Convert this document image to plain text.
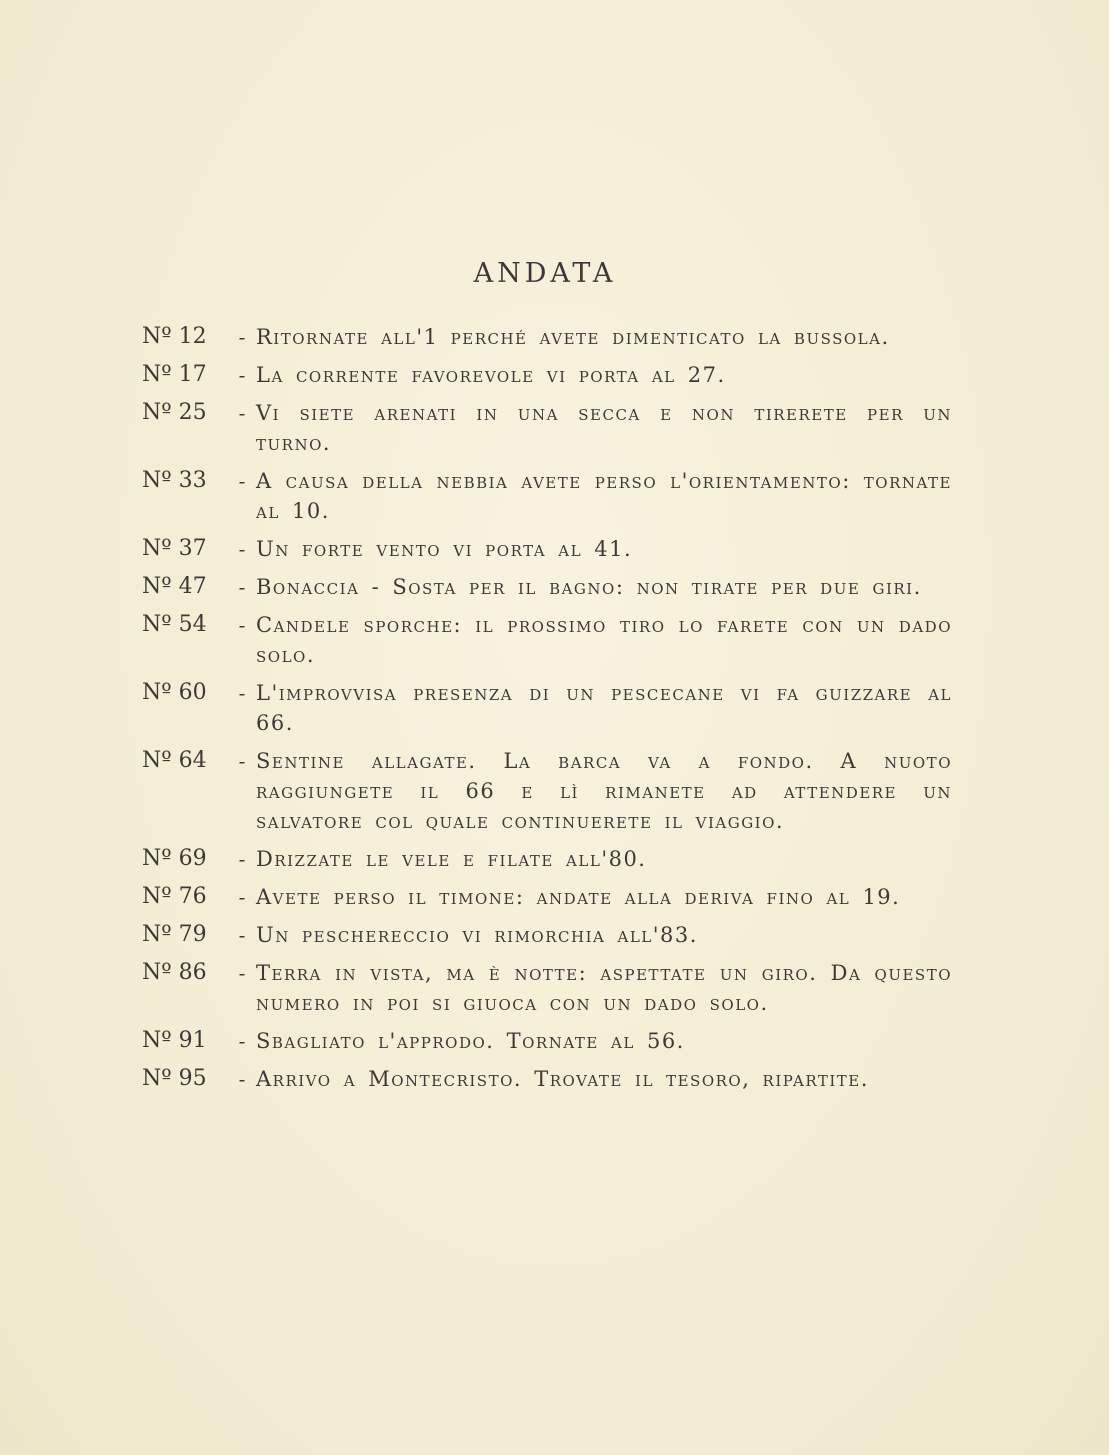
ANDATA
Nº 12	- Ritornate all'1 perché avete dimenticato la bussola.
Nº 17	- La corrente favorevole vi porta al 27.
Nº 25	- Vi siete arenati in una secca e non tirerete per un turno.
Nº 33	- A causa della nebbia avete perso l'orientamento: tornate al 10.
Nº 37	- Un forte vento vi porta al 41.
Nº 47	- Bonaccia - Sosta per il bagno: non tirate per due giri.
Nº 54	- Candele sporche: il prossimo tiro lo farete con un dado solo.
Nº 60	- L'improvvisa presenza di un pescecane vi fa guizzare al 66.
Nº 64	- Sentine allagate. La barca va a fondo. A nuoto raggiungete il 66 e lì rimanete ad attendere un salvatore col quale continuerete il viaggio.
Nº 69	- Drizzate le vele e filate all'80.
Nº 76	- Avete perso il timone: andate alla deriva fino al 19.
Nº 79	- Un peschereccio vi rimorchia all'83.
Nº 86	- Terra in vista, ma è notte: aspettate un giro. Da questo numero in poi si giuoca con un dado solo.
Nº 91	- Sbagliato l'approdo. Tornate al 56.
Nº 95	- Arrivo a Montecristo. Trovate il tesoro, ripartite.
